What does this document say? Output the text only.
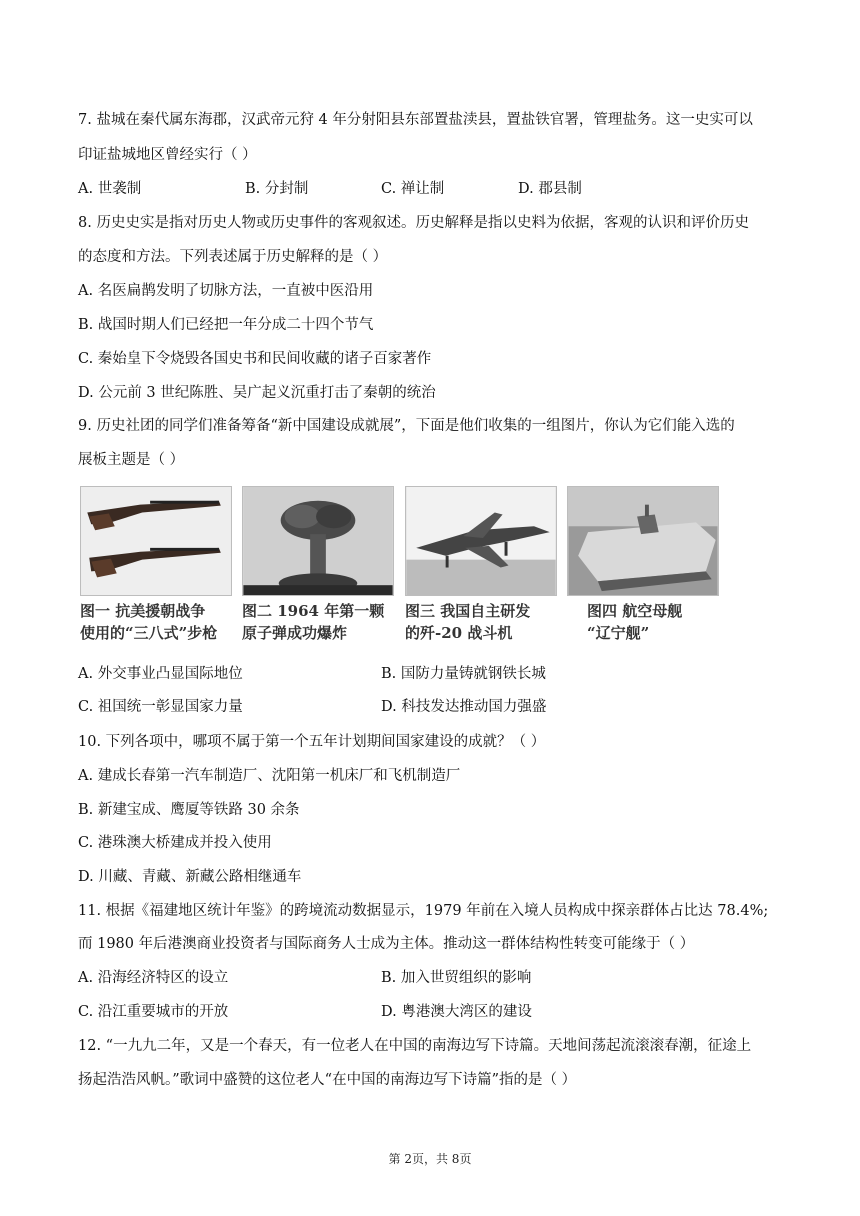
7. 盐城在秦代属东海郡，汉武帝元狩 4 年分射阳县东部置盐渎县，置盐铁官署，管理盐务。这一史实可以
印证盐城地区曾经实行（ ）
A. 世袭制	B. 分封制	C. 禅让制	D. 郡县制
8. 历史史实是指对历史人物或历史事件的客观叙述。历史解释是指以史料为依据，客观的认识和评价历史
的态度和方法。下列表述属于历史解释的是（ ）
A. 名医扁鹊发明了切脉方法，一直被中医沿用
B. 战国时期人们已经把一年分成二十四个节气
C. 秦始皇下令烧毁各国史书和民间收藏的诸子百家著作
D. 公元前 3 世纪陈胜、吴广起义沉重打击了秦朝的统治
9. 历史社团的同学们准备筹备“新中国建设成就展”，下面是他们收集的一组图片，你认为它们能入选的
展板主题是（ ）
图一 抗美援朝战争
使用的“三八式”步枪
图二 1964 年第一颗
原子弹成功爆炸
图三 我国自主研发
的歼-20 战斗机
图四 航空母舰
“辽宁舰”
A. 外交事业凸显国际地位	B. 国防力量铸就钢铁长城
C. 祖国统一彰显国家力量	D. 科技发达推动国力强盛
10. 下列各项中，哪项不属于第一个五年计划期间国家建设的成就？（ ）
A. 建成长春第一汽车制造厂、沈阳第一机床厂和飞机制造厂
B. 新建宝成、鹰厦等铁路 30 余条
C. 港珠澳大桥建成并投入使用
D. 川藏、青藏、新藏公路相继通车
11. 根据《福建地区统计年鉴》的跨境流动数据显示，1979 年前在入境人员构成中探亲群体占比达 78.4%;
而 1980 年后港澳商业投资者与国际商务人士成为主体。推动这一群体结构性转变可能缘于（ ）
A. 沿海经济特区的设立	B. 加入世贸组织的影响
C. 沿江重要城市的开放	D. 粤港澳大湾区的建设
12. “一九九二年，又是一个春天，有一位老人在中国的南海边写下诗篇。天地间荡起流滚滚春潮，征途上
扬起浩浩风帆。”歌词中盛赞的这位老人“在中国的南海边写下诗篇”指的是（ ）
第 2页，共 8页
